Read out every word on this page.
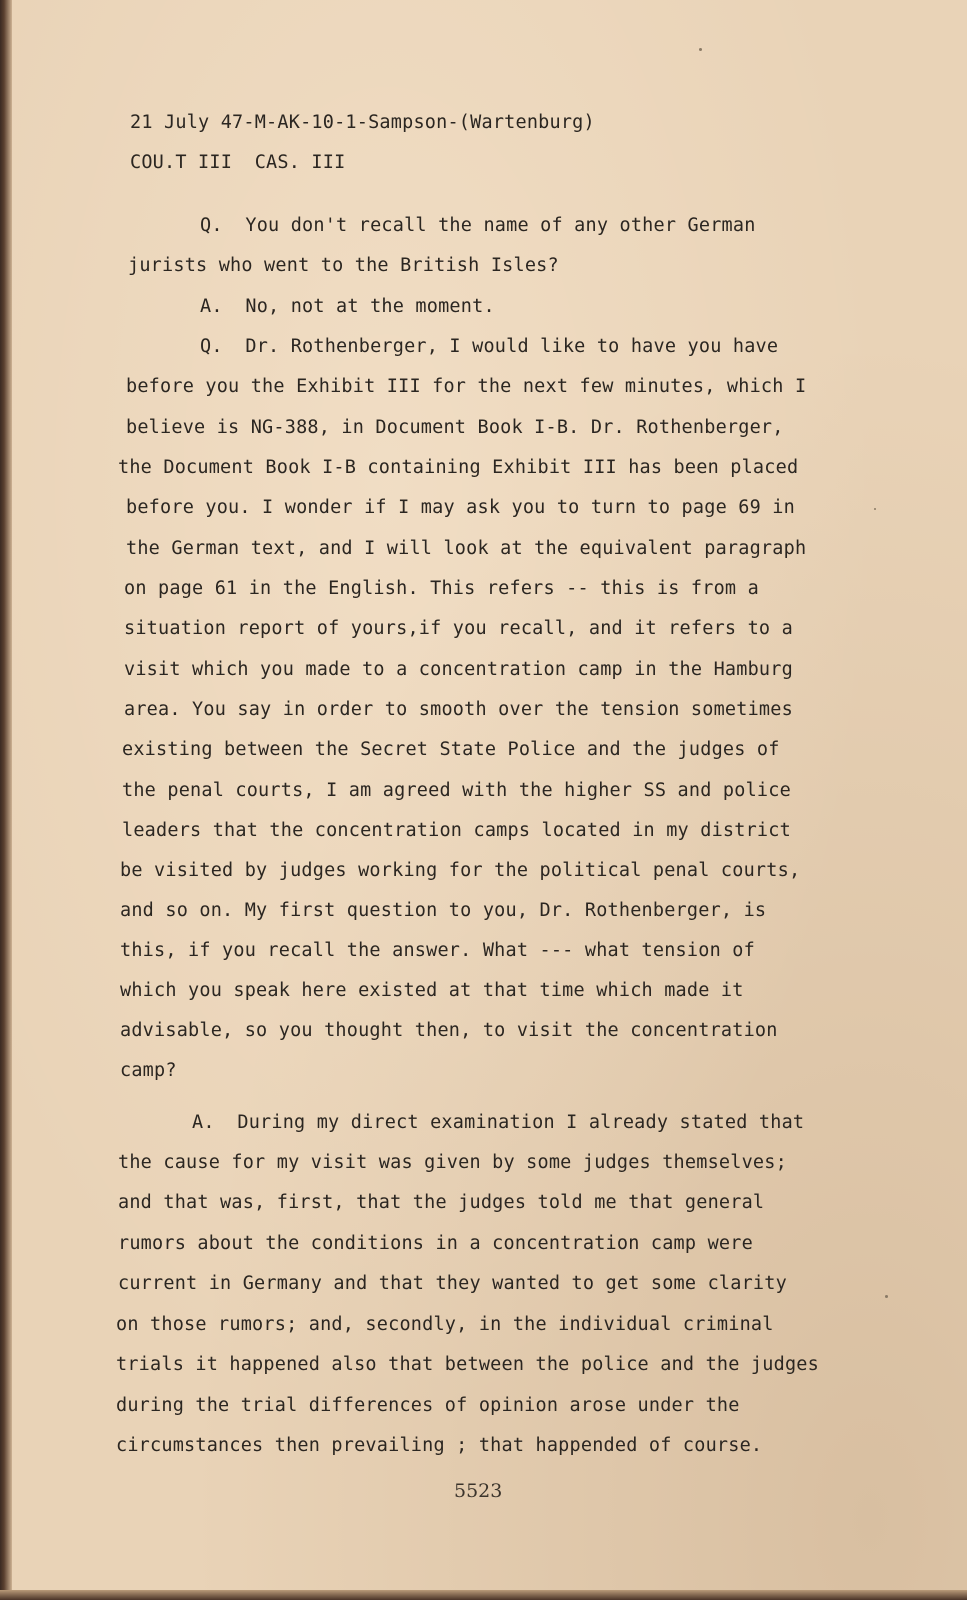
21 July 47-M-AK-10-1-Sampson-(Wartenburg)
COU.T III  CAS. III
Q.  You don't recall the name of any other German
jurists who went to the British Isles?
A.  No, not at the moment.
Q.  Dr. Rothenberger, I would like to have you have
before you the Exhibit III for the next few minutes, which I
believe is NG-388, in Document Book I-B. Dr. Rothenberger,
the Document Book I-B containing Exhibit III has been placed
before you. I wonder if I may ask you to turn to page 69 in
the German text, and I will look at the equivalent paragraph
on page 61 in the English. This refers -- this is from a
situation report of yours,if you recall, and it refers to a
visit which you made to a concentration camp in the Hamburg
area. You say in order to smooth over the tension sometimes
existing between the Secret State Police and the judges of
the penal courts, I am agreed with the higher SS and police
leaders that the concentration camps located in my district
be visited by judges working for the political penal courts,
and so on. My first question to you, Dr. Rothenberger, is
this, if you recall the answer. What --- what tension of
which you speak here existed at that time which made it
advisable, so you thought then, to visit the concentration
camp?
A.  During my direct examination I already stated that
the cause for my visit was given by some judges themselves;
and that was, first, that the judges told me that general
rumors about the conditions in a concentration camp were
current in Germany and that they wanted to get some clarity
on those rumors; and, secondly, in the individual criminal
trials it happened also that between the police and the judges
during the trial differences of opinion arose under the
circumstances then prevailing ; that happended of course.
5523
